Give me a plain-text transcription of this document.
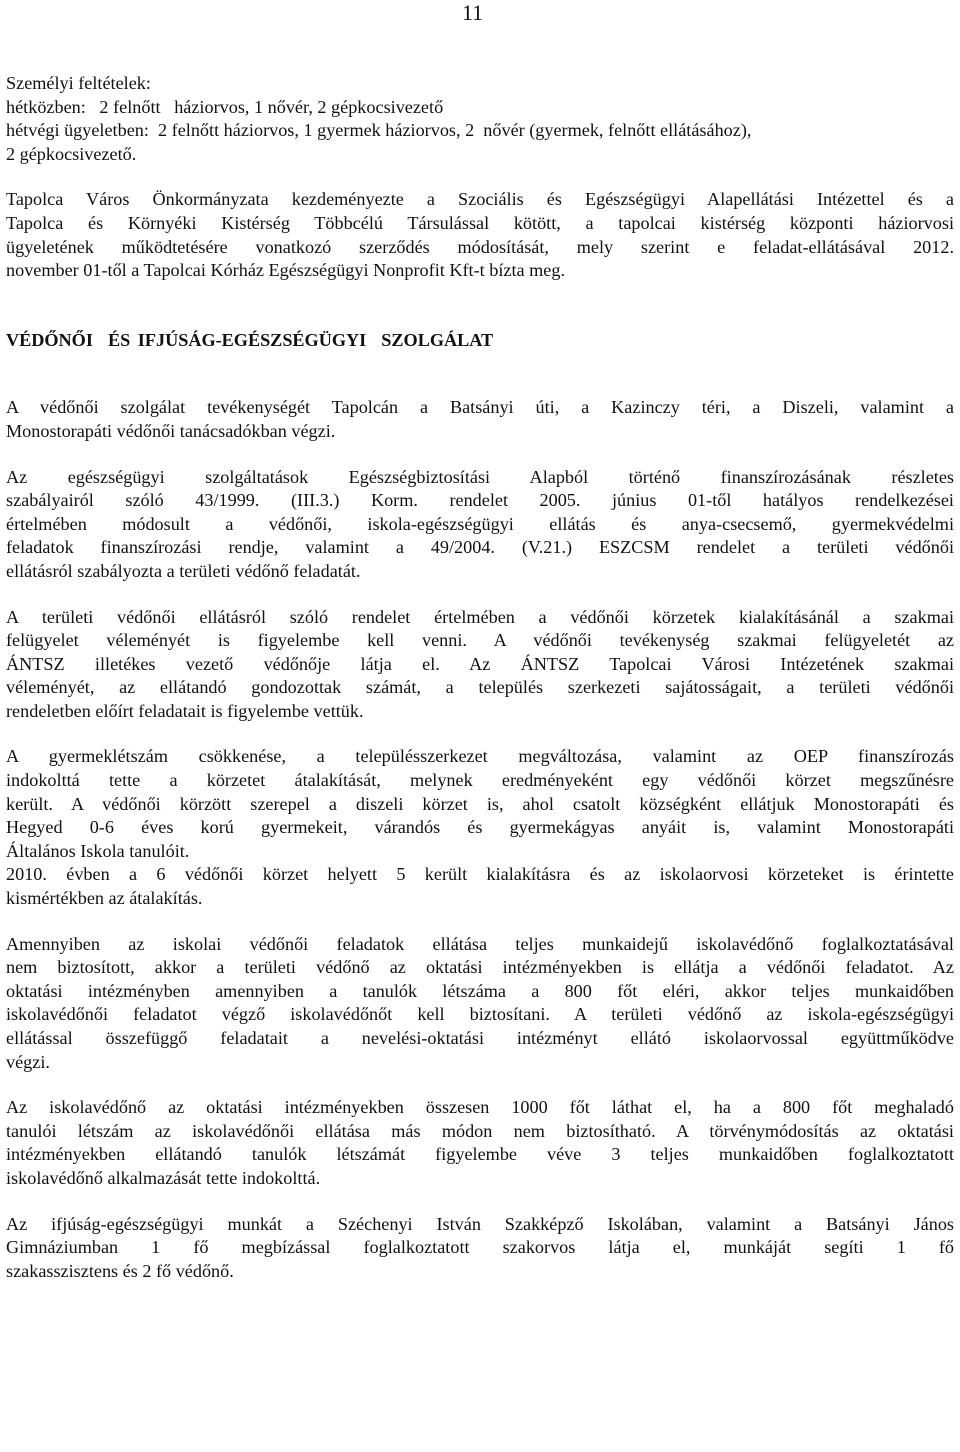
11
Személyi feltételek:
hétközben:   2 felnőtt   háziorvos, 1 nővér, 2 gépkocsivezető
hétvégi ügyeletben:  2 felnőtt háziorvos, 1 gyermek háziorvos, 2  nővér (gyermek, felnőtt ellátásához),
2 gépkocsivezető.
Tapolca Város Önkormányzata kezdeményezte a Szociális és Egészségügyi Alapellátási Intézettel és a
Tapolca és Környéki Kistérség Többcélú Társulással kötött, a tapolcai kistérség központi háziorvosi
ügyeletének működtetésére vonatkozó szerződés módosítását, mely szerint e feladat-ellátásával 2012.
november 01-től a Tapolcai Kórház Egészségügyi Nonprofit Kft-t bízta meg.
VÉDŐNŐI  ÉS IFJÚSÁG-EGÉSZSÉGÜGYI  SZOLGÁLAT
A védőnői szolgálat tevékenységét Tapolcán a Batsányi úti, a Kazinczy téri, a Diszeli, valamint a
Monostorapáti védőnői tanácsadókban végzi.
Az egészségügyi szolgáltatások Egészségbiztosítási Alapból történő finanszírozásának részletes
szabályairól szóló 43/1999. (III.3.) Korm. rendelet 2005. június 01-től hatályos rendelkezései
értelmében módosult a védőnői, iskola-egészségügyi ellátás és anya-csecsemő, gyermekvédelmi
feladatok finanszírozási rendje, valamint a 49/2004. (V.21.) ESZCSM rendelet a területi védőnői
ellátásról szabályozta a területi védőnő feladatát.
A területi védőnői ellátásról szóló rendelet értelmében a védőnői körzetek kialakításánál a szakmai
felügyelet véleményét is figyelembe kell venni. A védőnői tevékenység szakmai felügyeletét az
ÁNTSZ illetékes vezető védőnője látja el. Az ÁNTSZ Tapolcai Városi Intézetének szakmai
véleményét, az ellátandó gondozottak számát, a település szerkezeti sajátosságait, a területi védőnői
rendeletben előírt feladatait is figyelembe vettük.
A gyermeklétszám csökkenése, a településszerkezet megváltozása, valamint az OEP finanszírozás
indokolttá tette a körzetet átalakítását, melynek eredményeként egy védőnői körzet megszűnésre
került. A védőnői körzött szerepel a diszeli körzet is, ahol csatolt községként ellátjuk Monostorapáti és
Hegyed 0-6 éves korú gyermekeit, várandós és gyermekágyas anyáit is, valamint Monostorapáti
Általános Iskola tanulóit.
2010. évben a 6 védőnői körzet helyett 5 került kialakításra és az iskolaorvosi körzeteket is érintette
kismértékben az átalakítás.
Amennyiben az iskolai védőnői feladatok ellátása teljes munkaidejű iskolavédőnő foglalkoztatásával
nem biztosított, akkor a területi védőnő az oktatási intézményekben is ellátja a védőnői feladatot. Az
oktatási intézményben amennyiben a tanulók létszáma a 800 főt eléri, akkor teljes munkaidőben
iskolavédőnői feladatot végző iskolavédőnőt kell biztosítani. A területi védőnő az iskola-egészségügyi
ellátással összefüggő feladatait a nevelési-oktatási intézményt ellátó iskolaorvossal együttműködve
végzi.
Az iskolavédőnő az oktatási intézményekben összesen 1000 főt láthat el, ha a 800 főt meghaladó
tanulói létszám az iskolavédőnői ellátása más módon nem biztosítható. A törvénymódosítás az oktatási
intézményekben ellátandó tanulók létszámát figyelembe véve 3 teljes munkaidőben foglalkoztatott
iskolavédőnő alkalmazását tette indokolttá.
Az ifjúság-egészségügyi munkát a Széchenyi István Szakképző Iskolában, valamint a Batsányi János
Gimnáziumban 1 fő megbízással foglalkoztatott szakorvos látja el, munkáját segíti 1 fő
szakasszisztens és 2 fő védőnő.
